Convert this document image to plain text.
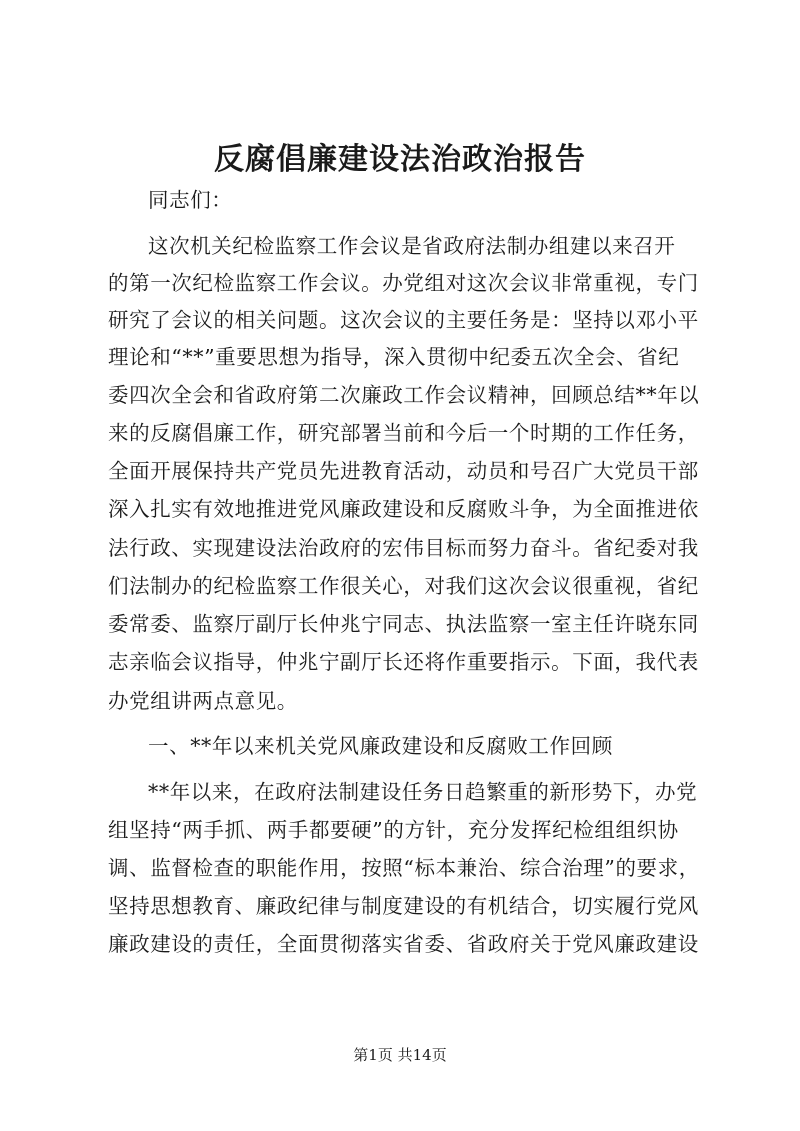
反腐倡廉建设法治政治报告
同志们：
这次机关纪检监察工作会议是省政府法制办组建以来召开
的第一次纪检监察工作会议。办党组对这次会议非常重视，专门
研究了会议的相关问题。这次会议的主要任务是：坚持以邓小平
理论和“**”重要思想为指导，深入贯彻中纪委五次全会、省纪
委四次全会和省政府第二次廉政工作会议精神，回顾总结**年以
来的反腐倡廉工作，研究部署当前和今后一个时期的工作任务，
全面开展保持共产党员先进教育活动，动员和号召广大党员干部
深入扎实有效地推进党风廉政建设和反腐败斗争，为全面推进依
法行政、实现建设法治政府的宏伟目标而努力奋斗。省纪委对我
们法制办的纪检监察工作很关心，对我们这次会议很重视，省纪
委常委、监察厅副厅长仲兆宁同志、执法监察一室主任许晓东同
志亲临会议指导，仲兆宁副厅长还将作重要指示。下面，我代表
办党组讲两点意见。
一、**年以来机关党风廉政建设和反腐败工作回顾
**年以来，在政府法制建设任务日趋繁重的新形势下，办党
组坚持“两手抓、两手都要硬”的方针，充分发挥纪检组组织协
调、监督检查的职能作用，按照“标本兼治、综合治理”的要求，
坚持思想教育、廉政纪律与制度建设的有机结合，切实履行党风
廉政建设的责任，全面贯彻落实省委、省政府关于党风廉政建设
第1页 共14页
